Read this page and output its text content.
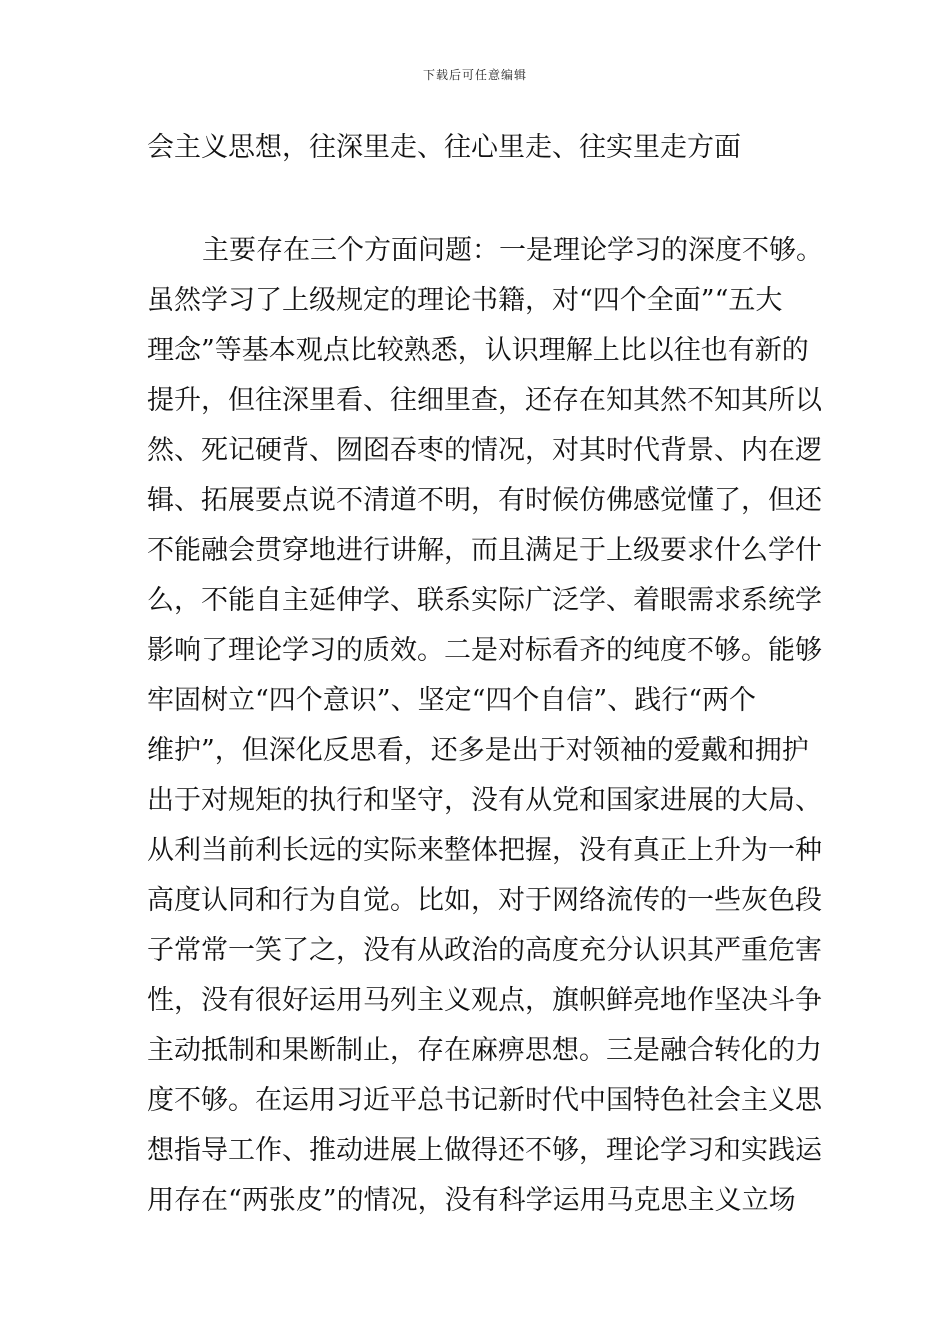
下载后可任意编辑
会主义思想，往深里走、往心里走、往实里走方面
主要存在三个方面问题：一是理论学习的深度不够。
虽然学习了上级规定的理论书籍，对“四个全面”“五大
理念”等基本观点比较熟悉，认识理解上比以往也有新的
提升，但往深里看、往细里查，还存在知其然不知其所以
然、死记硬背、囫囵吞枣的情况，对其时代背景、内在逻
辑、拓展要点说不清道不明，有时候仿佛感觉懂了，但还
不能融会贯穿地进行讲解，而且满足于上级要求什么学什
么，不能自主延伸学、联系实际广泛学、着眼需求系统学
影响了理论学习的质效。二是对标看齐的纯度不够。能够
牢固树立“四个意识”、坚定“四个自信”、践行“两个
维护”，但深化反思看，还多是出于对领袖的爱戴和拥护
出于对规矩的执行和坚守，没有从党和国家进展的大局、
从利当前利长远的实际来整体把握，没有真正上升为一种
高度认同和行为自觉。比如，对于网络流传的一些灰色段
子常常一笑了之，没有从政治的高度充分认识其严重危害
性，没有很好运用马列主义观点，旗帜鲜亮地作坚决斗争
主动抵制和果断制止，存在麻痹思想。三是融合转化的力
度不够。在运用习近平总书记新时代中国特色社会主义思
想指导工作、推动进展上做得还不够，理论学习和实践运
用存在“两张皮”的情况，没有科学运用马克思主义立场
